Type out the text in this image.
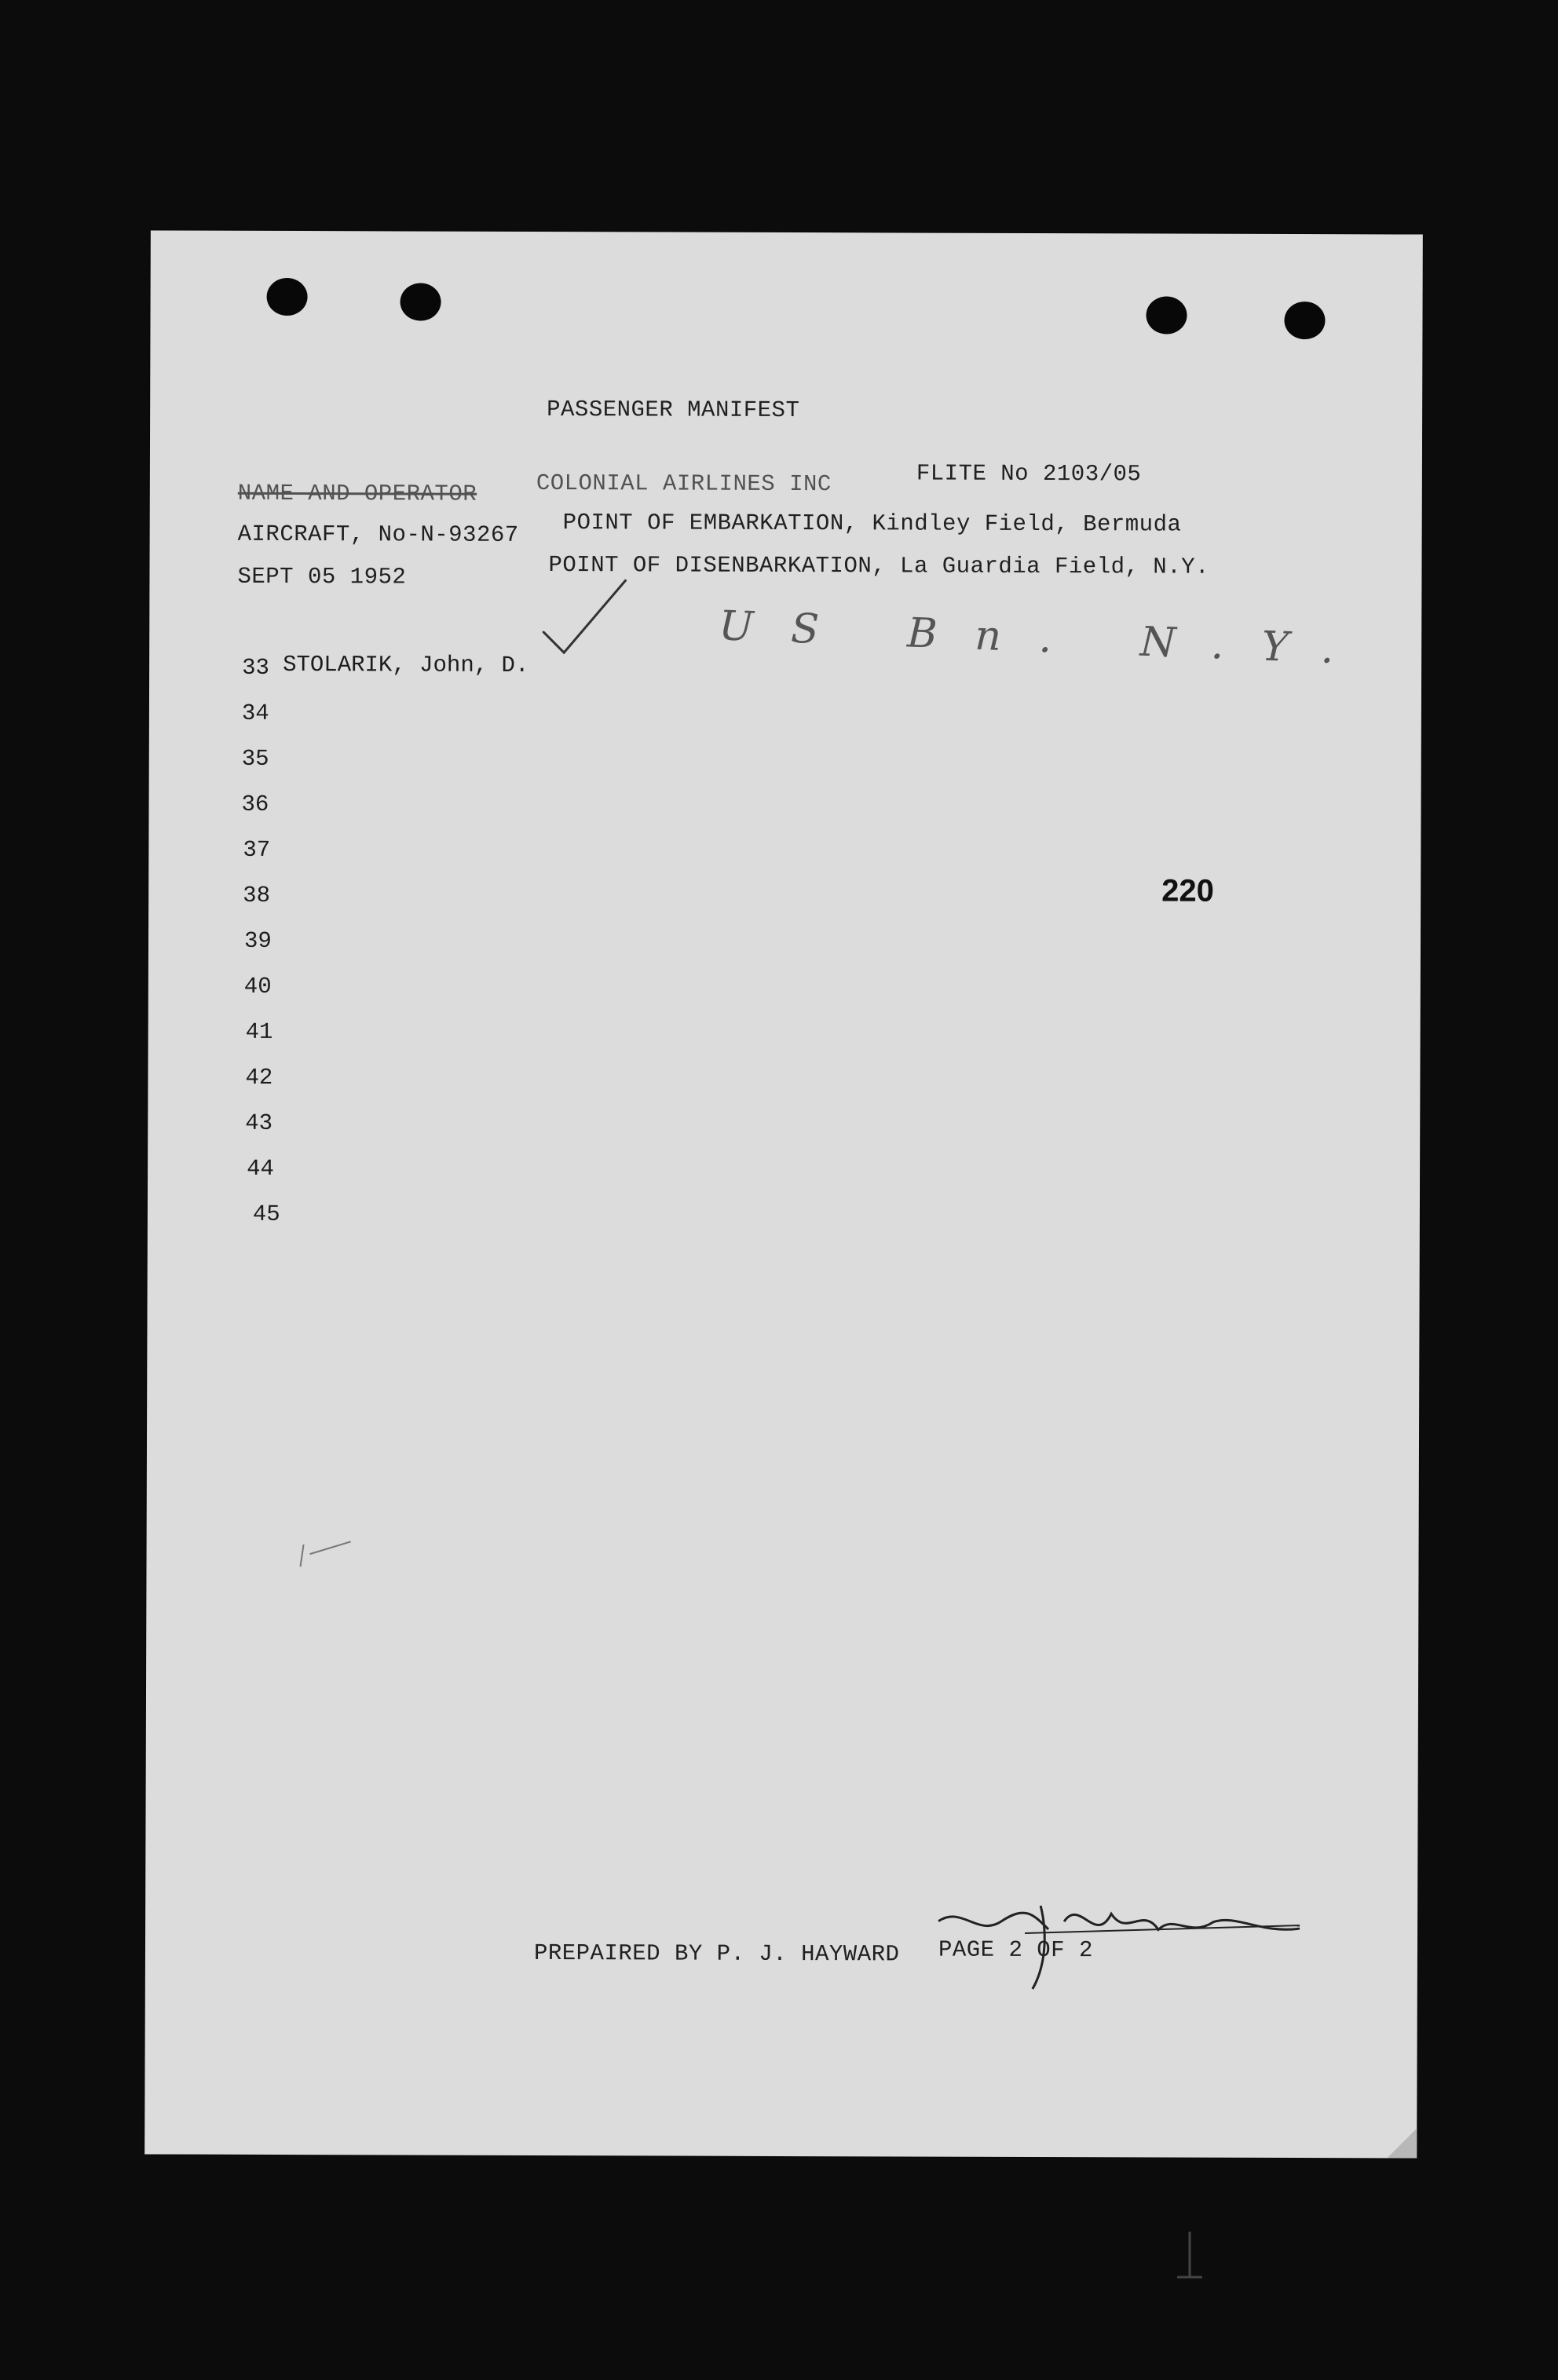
PASSENGER MANIFEST
NAME AND OPERATOR	COLONIAL AIRLINES INC	FLITE No 2103/05
AIRCRAFT, No-N-93267 POINT OF EMBARKATION, Kindley Field, Bermuda
SEPT 05 1952	POINT OF DISENBARKATION, La Guardia Field, N.Y.
33 STOLARIK, John, D.
34
35
36
37
38
39
40
41
42
43
44
45
US Bn. N.Y.
220
PREPAIRED BY P. J. HAYWARD PAGE 2 OF 2
